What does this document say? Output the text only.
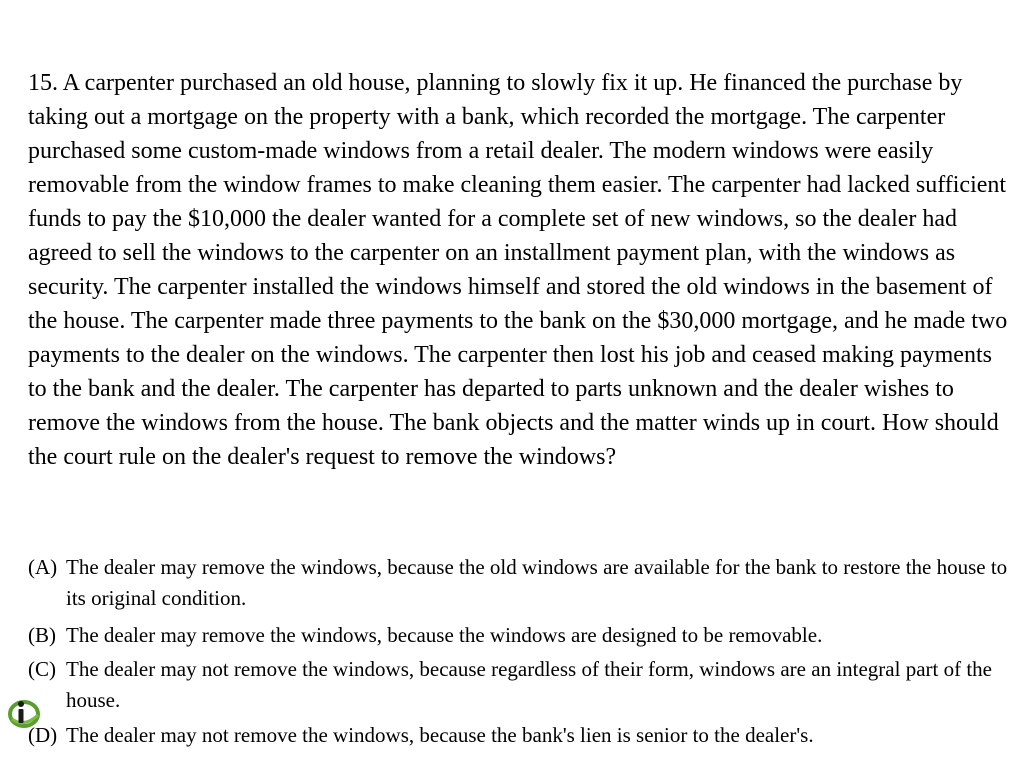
15. A carpenter purchased an old house, planning to slowly fix it up. He financed the purchase by taking out a mortgage on the property with a bank, which recorded the mortgage. The carpenter purchased some custom-made windows from a retail dealer. The modern windows were easily removable from the window frames to make cleaning them easier. The carpenter had lacked sufficient funds to pay the $10,000 the dealer wanted for a complete set of new windows, so the dealer had agreed to sell the windows to the carpenter on an installment payment plan, with the windows as security. The carpenter installed the windows himself and stored the old windows in the basement of the house. The carpenter made three payments to the bank on the $30,000 mortgage, and he made two payments to the dealer on the windows. The carpenter then lost his job and ceased making payments to the bank and the dealer. The carpenter has departed to parts unknown and the dealer wishes to remove the windows from the house. The bank objects and the matter winds up in court. How should the court rule on the dealer's request to remove the windows?

(A) The dealer may remove the windows, because the old windows are available for the bank to restore the house to its original condition.
(B) The dealer may remove the windows, because the windows are designed to be removable.
(C) The dealer may not remove the windows, because regardless of their form, windows are an integral part of the house.
(D) The dealer may not remove the windows, because the bank's lien is senior to the dealer's.
